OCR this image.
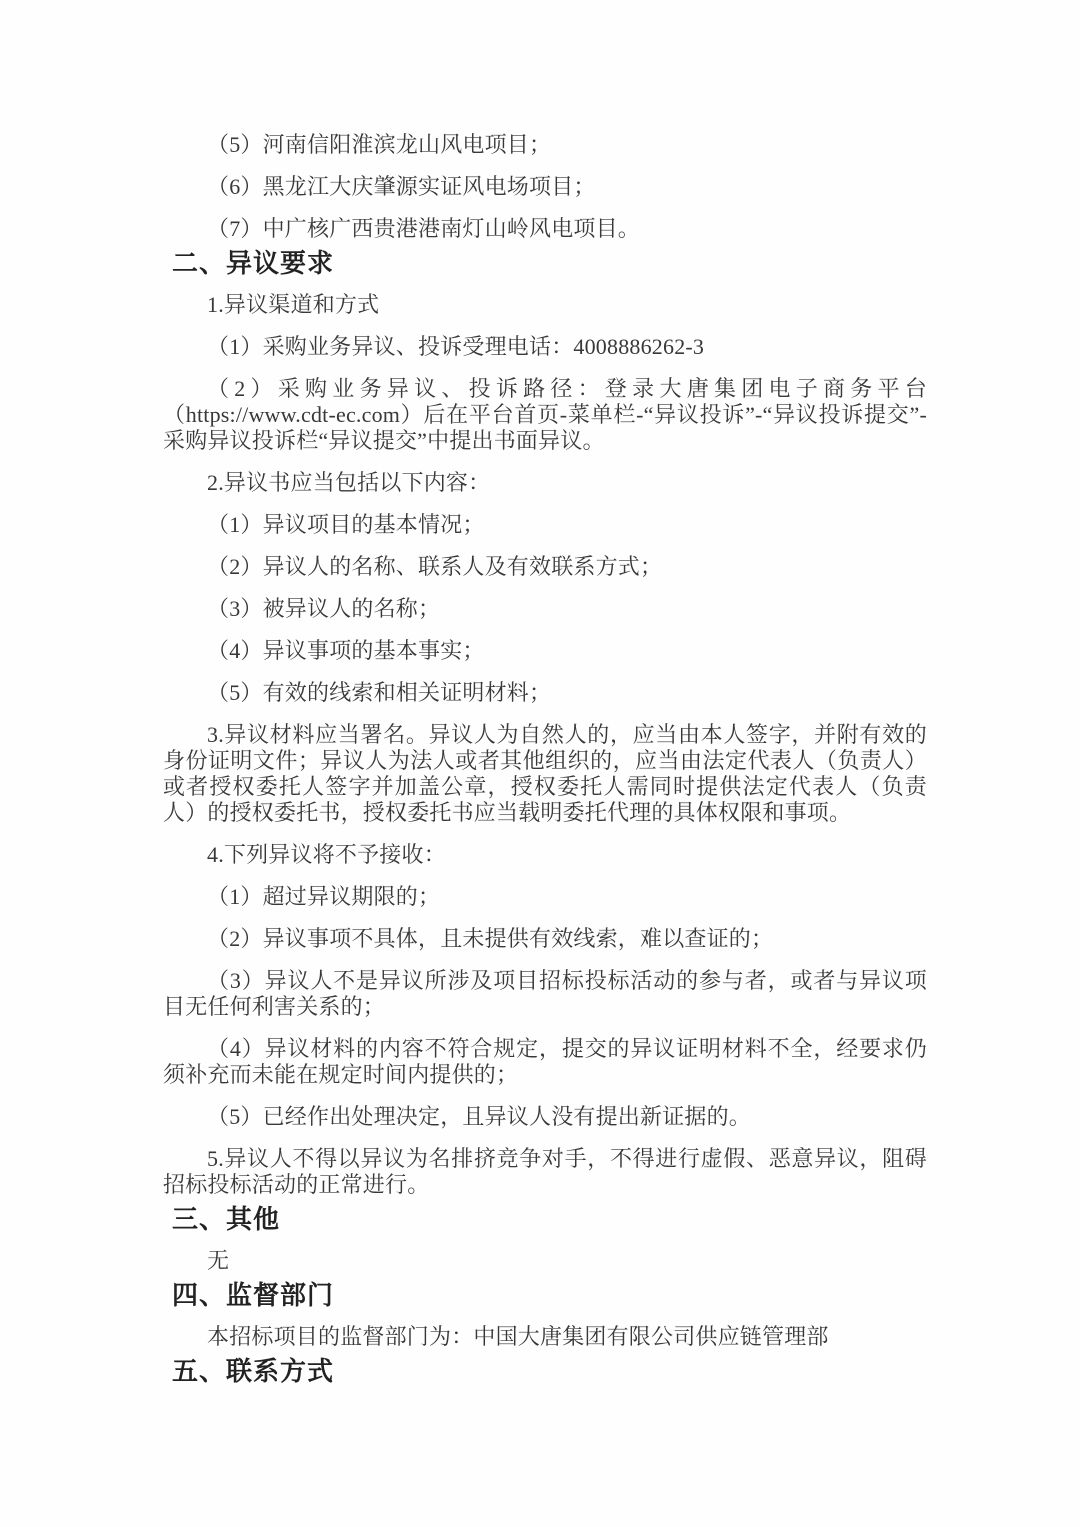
（5）河南信阳淮滨龙山风电项目；

（6）黑龙江大庆肇源实证风电场项目；

（7）中广核广西贵港港南灯山岭风电项目。

二、异议要求

1.异议渠道和方式

（1）采购业务异议、投诉受理电话：4008886262-3

（2）采购业务异议、投诉路径：登录大唐集团电子商务平台（https://www.cdt-ec.com）后在平台首页-菜单栏-“异议投诉”-“异议投诉提交”-采购异议投诉栏“异议提交”中提出书面异议。

2.异议书应当包括以下内容：

（1）异议项目的基本情况；

（2）异议人的名称、联系人及有效联系方式；

（3）被异议人的名称；

（4）异议事项的基本事实；

（5）有效的线索和相关证明材料；

3.异议材料应当署名。异议人为自然人的，应当由本人签字，并附有效的身份证明文件；异议人为法人或者其他组织的，应当由法定代表人（负责人）或者授权委托人签字并加盖公章，授权委托人需同时提供法定代表人（负责人）的授权委托书，授权委托书应当载明委托代理的具体权限和事项。

4.下列异议将不予接收：

（1）超过异议期限的；

（2）异议事项不具体，且未提供有效线索，难以查证的；

（3）异议人不是异议所涉及项目招标投标活动的参与者，或者与异议项目无任何利害关系的；

（4）异议材料的内容不符合规定，提交的异议证明材料不全，经要求仍须补充而未能在规定时间内提供的；

（5）已经作出处理决定，且异议人没有提出新证据的。

5.异议人不得以异议为名排挤竞争对手，不得进行虚假、恶意异议，阻碍招标投标活动的正常进行。

三、其他

无

四、监督部门

本招标项目的监督部门为：中国大唐集团有限公司供应链管理部

五、联系方式
